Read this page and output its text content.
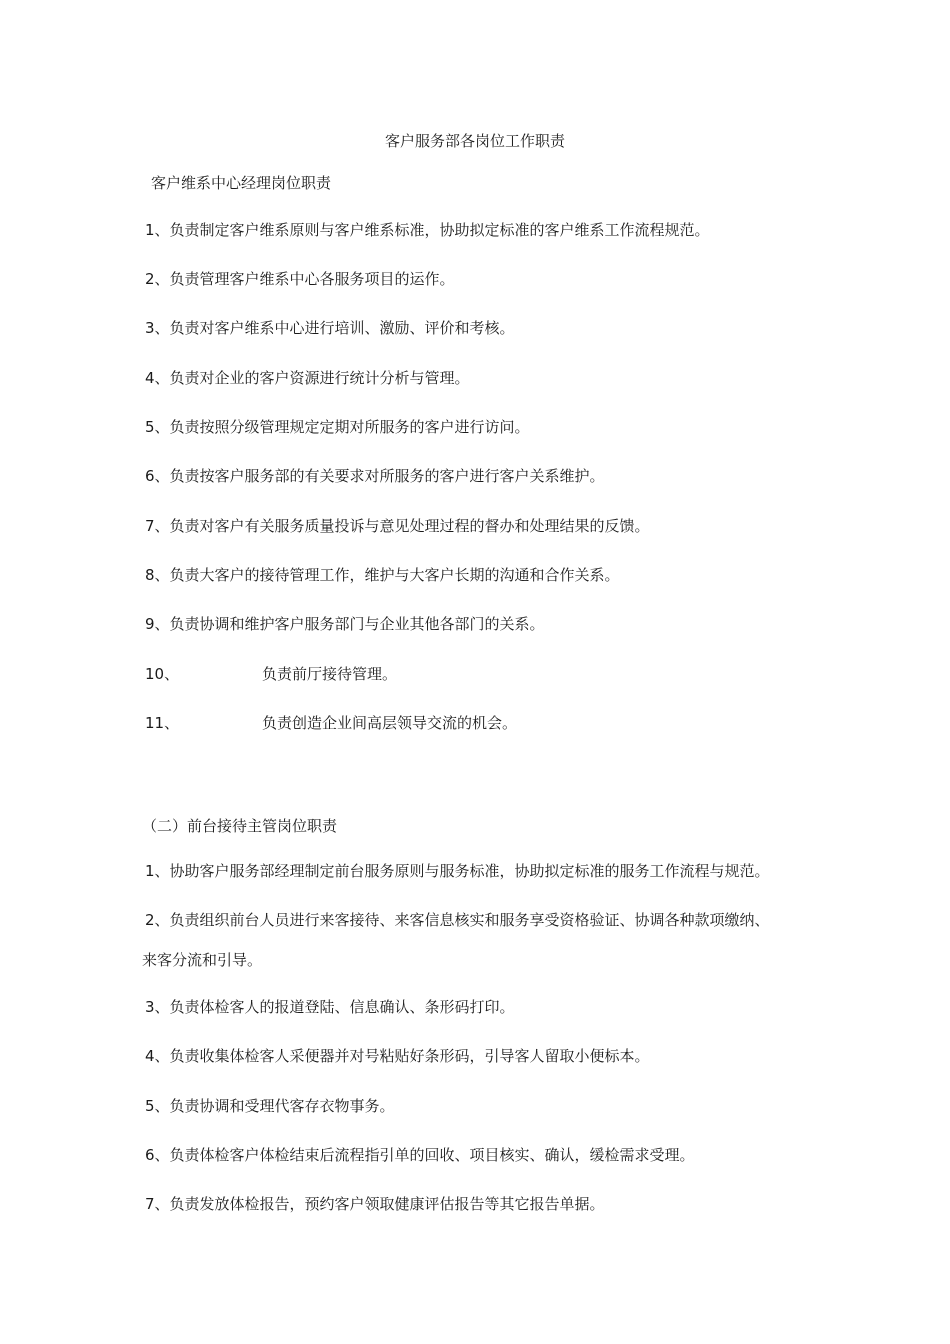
客户服务部各岗位工作职责
客户维系中心经理岗位职责
1、负责制定客户维系原则与客户维系标准，协助拟定标准的客户维系工作流程规范。
2、负责管理客户维系中心各服务项目的运作。
3、负责对客户维系中心进行培训、激励、评价和考核。
4、负责对企业的客户资源进行统计分析与管理。
5、负责按照分级管理规定定期对所服务的客户进行访问。
6、负责按客户服务部的有关要求对所服务的客户进行客户关系维护。
7、负责对客户有关服务质量投诉与意见处理过程的督办和处理结果的反馈。
8、负责大客户的接待管理工作，维护与大客户长期的沟通和合作关系。
9、负责协调和维护客户服务部门与企业其他各部门的关系。
10、	负责前厅接待管理。
11、	负责创造企业间高层领导交流的机会。
（二）前台接待主管岗位职责
1、协助客户服务部经理制定前台服务原则与服务标准，协助拟定标准的服务工作流程与规范。
2、负责组织前台人员进行来客接待、来客信息核实和服务享受资格验证、协调各种款项缴纳、
来客分流和引导。
3、负责体检客人的报道登陆、信息确认、条形码打印。
4、负责收集体检客人采便器并对号粘贴好条形码，引导客人留取小便标本。
5、负责协调和受理代客存衣物事务。
6、负责体检客户体检结束后流程指引单的回收、项目核实、确认，缓检需求受理。
7、负责发放体检报告，预约客户领取健康评估报告等其它报告单据。
